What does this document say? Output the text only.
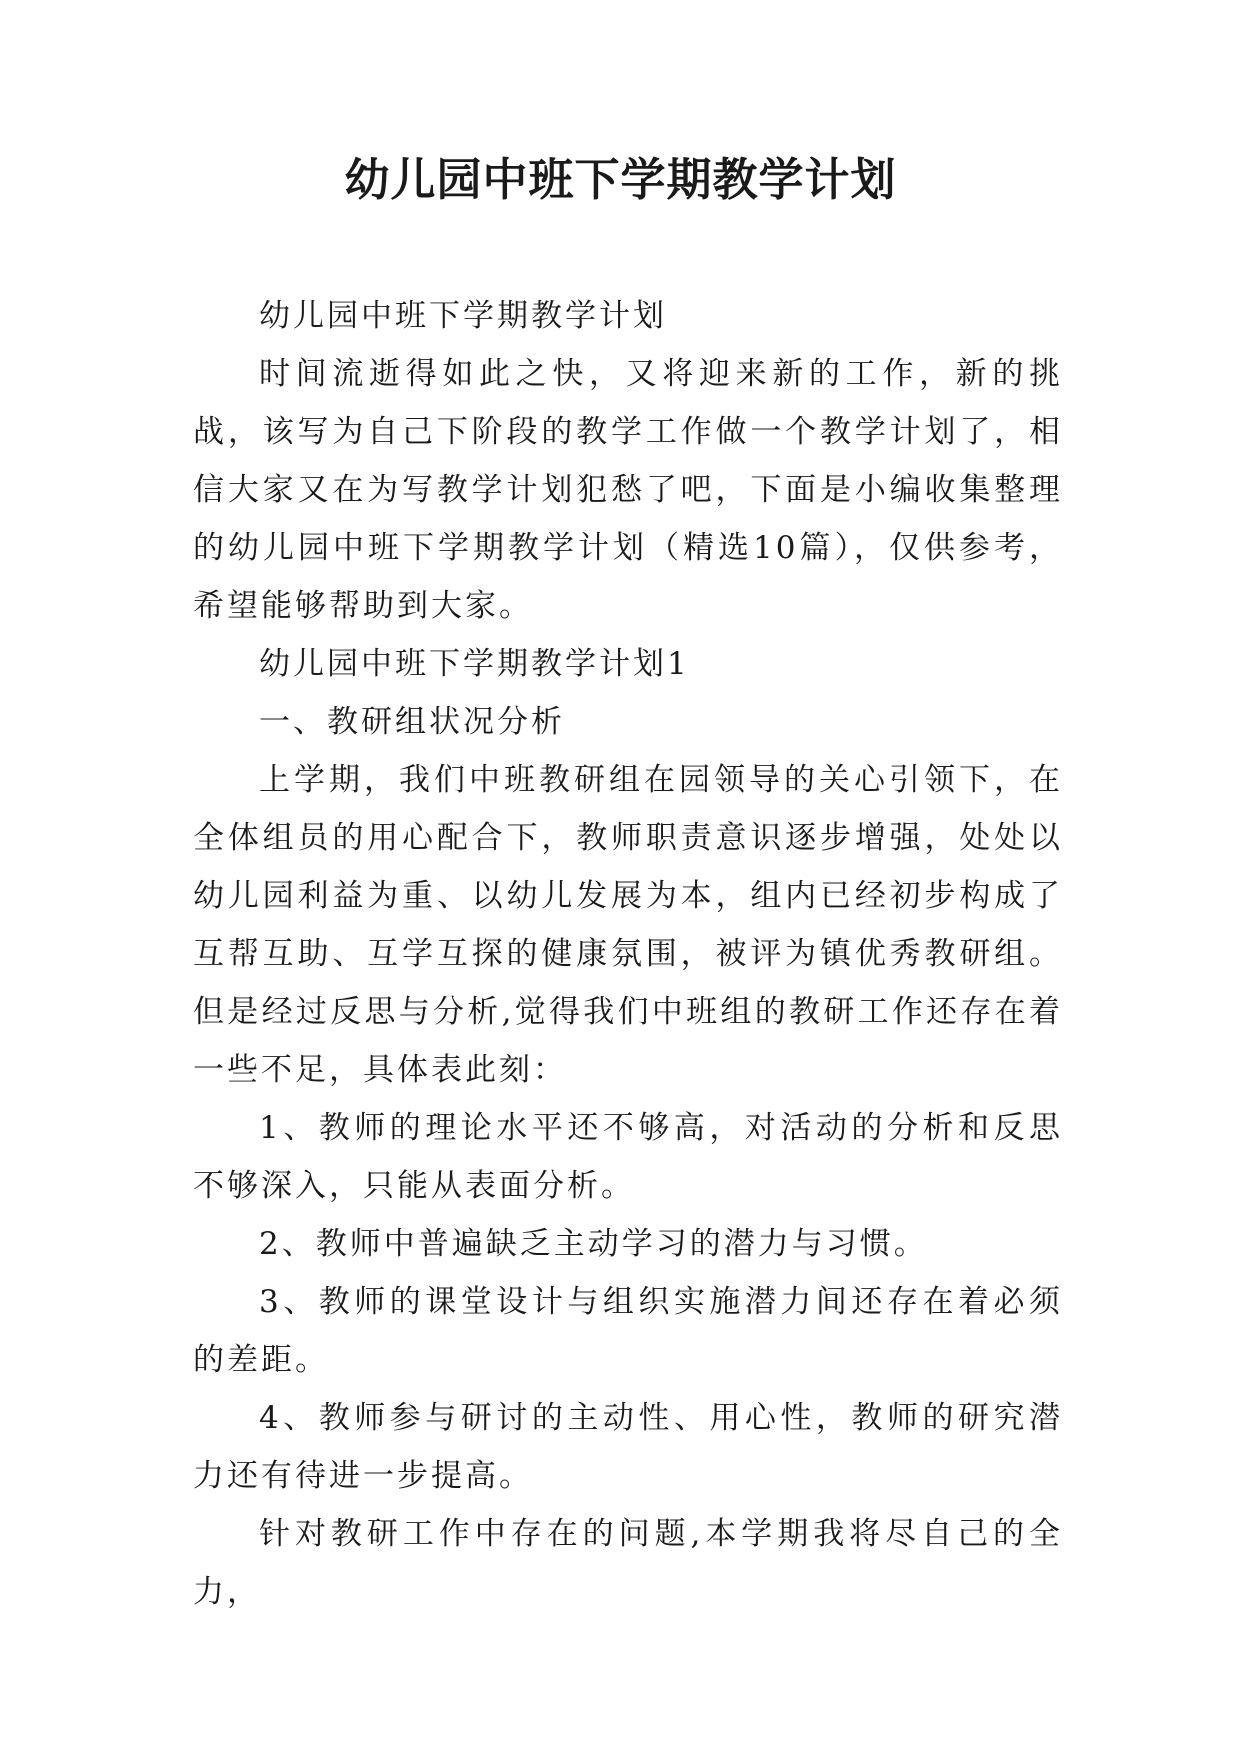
幼儿园中班下学期教学计划

幼儿园中班下学期教学计划

时间流逝得如此之快，又将迎来新的工作，新的挑战，该写为自己下阶段的教学工作做一个教学计划了，相信大家又在为写教学计划犯愁了吧，下面是小编收集整理的幼儿园中班下学期教学计划（精选10篇），仅供参考，希望能够帮助到大家。

幼儿园中班下学期教学计划1

一、教研组状况分析

上学期，我们中班教研组在园领导的关心引领下，在全体组员的用心配合下，教师职责意识逐步增强，处处以幼儿园利益为重、以幼儿发展为本，组内已经初步构成了互帮互助、互学互探的健康氛围，被评为镇优秀教研组。但是经过反思与分析,觉得我们中班组的教研工作还存在着一些不足，具体表此刻：

1、教师的理论水平还不够高，对活动的分析和反思不够深入，只能从表面分析。

2、教师中普遍缺乏主动学习的潜力与习惯。

3、教师的课堂设计与组织实施潜力间还存在着必须的差距。

4、教师参与研讨的主动性、用心性，教师的研究潜力还有待进一步提高。

针对教研工作中存在的问题,本学期我将尽自己的全力，
